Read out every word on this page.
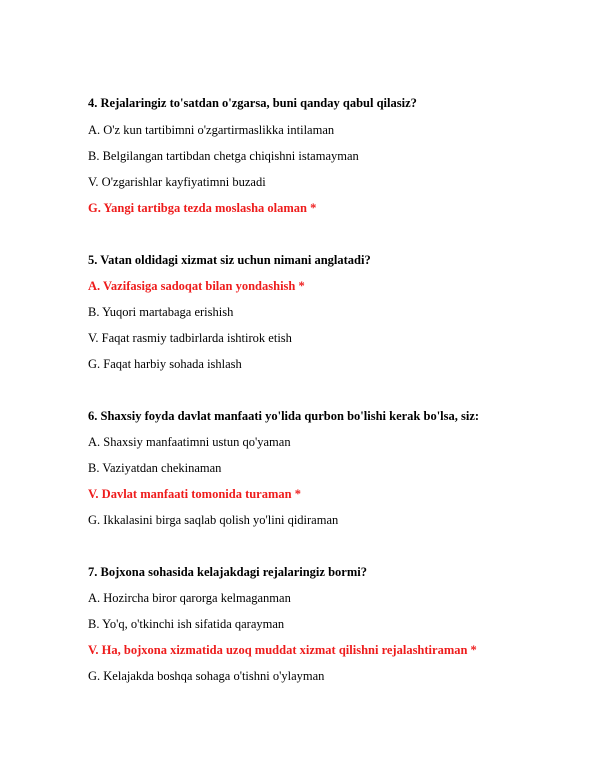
4. Rejalaringiz to'satdan o'zgarsa, buni qanday qabul qilasiz?
A. O'z kun tartibimni o'zgartirmaslikka intilaman
B. Belgilangan tartibdan chetga chiqishni istamayman
V. O'zgarishlar kayfiyatimni buzadi
G. Yangi tartibga tezda moslasha olaman *
5. Vatan oldidagi xizmat siz uchun nimani anglatadi?
A. Vazifasiga sadoqat bilan yondashish *
B. Yuqori martabaga erishish
V. Faqat rasmiy tadbirlarda ishtirok etish
G. Faqat harbiy sohada ishlash
6. Shaxsiy foyda davlat manfaati yo'lida qurbon bo'lishi kerak bo'lsa, siz:
A. Shaxsiy manfaatimni ustun qo'yaman
B. Vaziyatdan chekinaman
V. Davlat manfaati tomonida turaman *
G. Ikkalasini birga saqlab qolish yo'lini qidiraman
7. Bojxona sohasida kelajakdagi rejalaringiz bormi?
A. Hozircha biror qarorga kelmaganman
B. Yo'q, o'tkinchi ish sifatida qarayman
V. Ha, bojxona xizmatida uzoq muddat xizmat qilishni rejalashtiraman *
G. Kelajakda boshqa sohaga o'tishni o'ylayman
